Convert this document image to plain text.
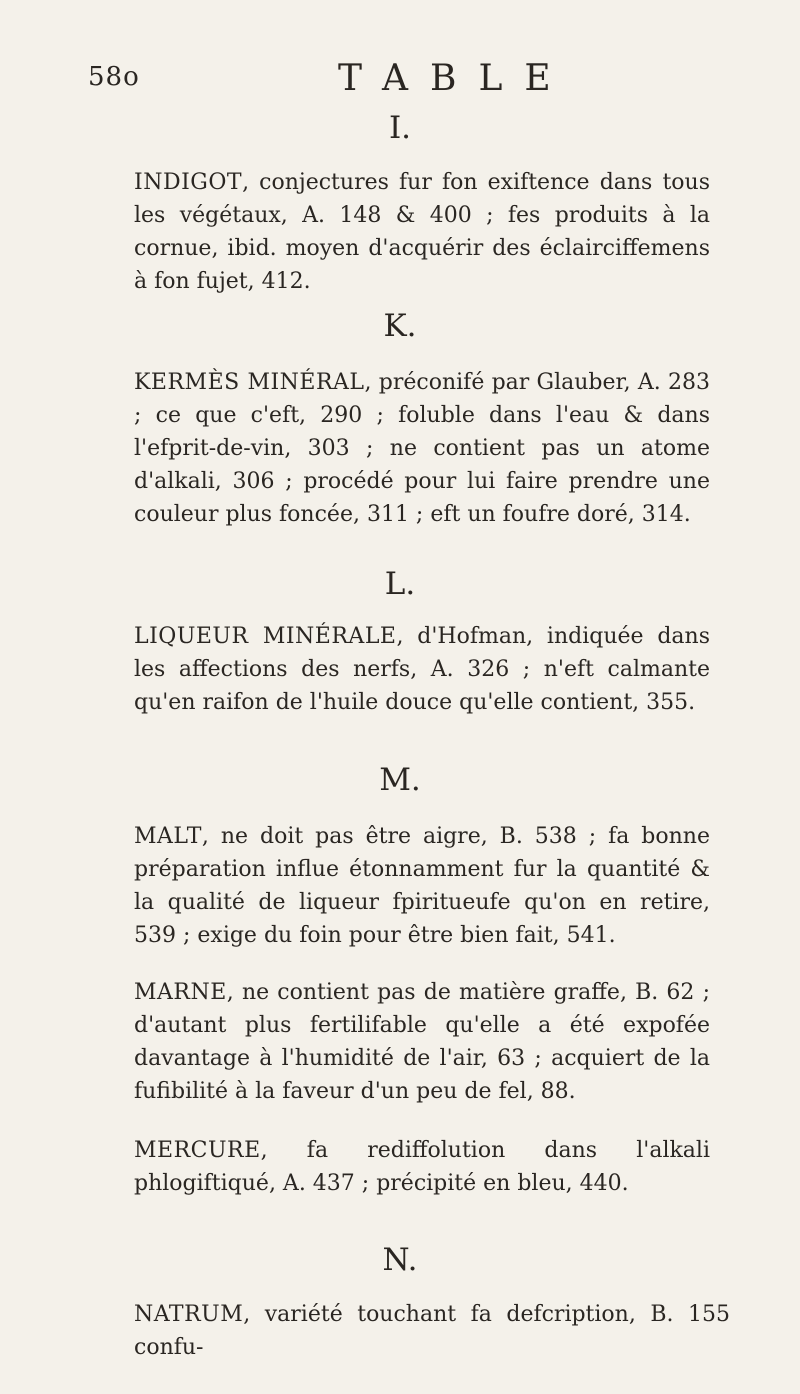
58o	TABLE
I.

INDIGOT, conjectures fur fon exiftence dans tous les végétaux, A. 148 & 400 ; fes produits à la cornue, ibid. moyen d'acquérir des éclairciffemens à fon fujet, 412.

K.

KERMÈS MINÉRAL, préconifé par Glauber, A. 283 ; ce que c'eft, 290 ; foluble dans l'eau & dans l'efprit-de-vin, 303 ; ne contient pas un atome d'alkali, 306 ; procédé pour lui faire prendre une couleur plus foncée, 311 ; eft un foufre doré, 314.

L.

LIQUEUR MINÉRALE, d'Hofman, indiquée dans les affections des nerfs, A. 326 ; n'eft calmante qu'en raifon de l'huile douce qu'elle contient, 355.

M.

MALT, ne doit pas être aigre, B. 538 ; fa bonne préparation influe étonnamment fur la quantité & la qualité de liqueur fpiritueufe qu'on en retire, 539 ; exige du foin pour être bien fait, 541.

MARNE, ne contient pas de matière graffe, B. 62 ; d'autant plus fertilifable qu'elle a été expofée davantage à l'humidité de l'air, 63 ; acquiert de la fufibilité à la faveur d'un peu de fel, 88.

MERCURE, fa rediffolution dans l'alkali phlogiftiqué, A. 437 ; précipité en bleu, 440.

N.

NATRUM, variété touchant fa defcription, B. 155 confu-
